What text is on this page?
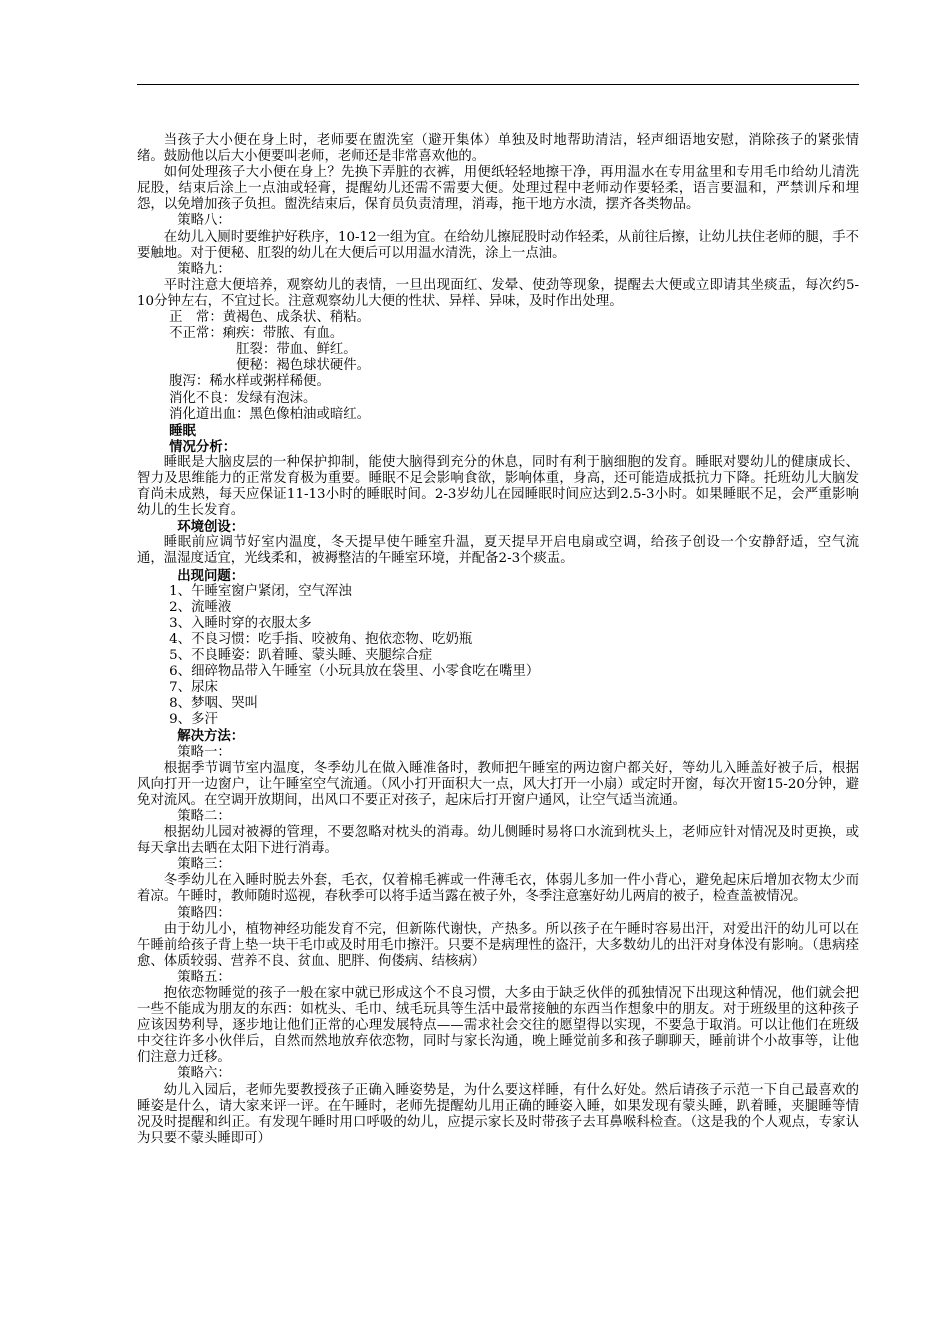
当孩子大小便在身上时，老师要在盥洗室（避开集体）单独及时地帮助清洁，轻声细语地安慰，消除孩子的紧张情绪。鼓励他以后大小便要叫老师，老师还是非常喜欢他的。

如何处理孩子大小便在身上？先换下弄脏的衣裤，用便纸轻轻地擦干净，再用温水在专用盆里和专用毛巾给幼儿清洗屁股，结束后涂上一点油或轻膏，提醒幼儿还需不需要大便。处理过程中老师动作要轻柔，语言要温和，严禁训斥和埋怨，以免增加孩子负担。盥洗结束后，保育员负责清理，消毒，拖干地方水渍，摆齐各类物品。

策略八：

在幼儿入厕时要维护好秩序，10-12一组为宜。在给幼儿擦屁股时动作轻柔，从前往后擦，让幼儿扶住老师的腿，手不要触地。对于便秘、肛裂的幼儿在大便后可以用温水清洗，涂上一点油。

策略九：

平时注意大便培养，观察幼儿的表情，一旦出现面红、发晕、使劲等现象，提醒去大便或立即请其坐痰盂，每次约5-10分钟左右，不宜过长。注意观察幼儿大便的性状、异样、异味，及时作出处理。

正　常：黄褐色、成条状、稍粘。

不正常：痢疾：带脓、有血。

肛裂：带血、鲜红。

便秘：褐色球状硬件。

腹泻：稀水样或粥样稀便。

消化不良：发绿有泡沫。

消化道出血：黑色像柏油或暗红。

睡眠

情况分析：

睡眠是大脑皮层的一种保护抑制，能使大脑得到充分的休息，同时有利于脑细胞的发育。睡眠对婴幼儿的健康成长、智力及思维能力的正常发育极为重要。睡眠不足会影响食欲，影响体重，身高，还可能造成抵抗力下降。托班幼儿大脑发育尚未成熟，每天应保证11-13小时的睡眠时间。2-3岁幼儿在园睡眠时间应达到2.5-3小时。如果睡眠不足，会严重影响幼儿的生长发育。

环境创设：

睡眠前应调节好室内温度，冬天提早使午睡室升温，夏天提早开启电扇或空调，给孩子创设一个安静舒适，空气流通，温湿度适宜，光线柔和，被褥整洁的午睡室环境，并配备2-3个痰盂。

出现问题：

1、午睡室窗户紧闭，空气浑浊

2、流唾液

3、入睡时穿的衣服太多

4、不良习惯：吃手指、咬被角、抱依恋物、吃奶瓶

5、不良睡姿：趴着睡、蒙头睡、夹腿综合症

6、细碎物品带入午睡室（小玩具放在袋里、小零食吃在嘴里）

7、尿床

8、梦咽、哭叫

9、多汗

解决方法：

策略一：

根据季节调节室内温度，冬季幼儿在做入睡准备时，教师把午睡室的两边窗户都关好，等幼儿入睡盖好被子后，根据风向打开一边窗户，让午睡室空气流通。（风小打开面积大一点，风大打开一小扇）或定时开窗，每次开窗15-20分钟，避免对流风。在空调开放期间，出风口不要正对孩子，起床后打开窗户通风，让空气适当流通。

策略二：

根据幼儿园对被褥的管理，不要忽略对枕头的消毒。幼儿侧睡时易将口水流到枕头上，老师应针对情况及时更换，或每天拿出去晒在太阳下进行消毒。

策略三：

冬季幼儿在入睡时脱去外套，毛衣，仅着棉毛裤或一件薄毛衣，体弱儿多加一件小背心，避免起床后增加衣物太少而着凉。午睡时，教师随时巡视，春秋季可以将手适当露在被子外，冬季注意塞好幼儿两肩的被子，检查盖被情况。

策略四：

由于幼儿小，植物神经功能发育不完，但新陈代谢快，产热多。所以孩子在午睡时容易出汗，对爱出汗的幼儿可以在午睡前给孩子背上垫一块干毛巾或及时用毛巾擦汗。只要不是病理性的盗汗，大多数幼儿的出汗对身体没有影响。（患病痊愈、体质较弱、营养不良、贫血、肥胖、佝偻病、结核病）

策略五：

抱依恋物睡觉的孩子一般在家中就已形成这个不良习惯，大多由于缺乏伙伴的孤独情况下出现这种情况，他们就会把一些不能成为朋友的东西：如枕头、毛巾、绒毛玩具等生活中最常接触的东西当作想象中的朋友。对于班级里的这种孩子应该因势利导，逐步地让他们正常的心理发展特点——需求社会交往的愿望得以实现，不要急于取消。可以让他们在班级中交往许多小伙伴后，自然而然地放弃依恋物，同时与家长沟通，晚上睡觉前多和孩子聊聊天，睡前讲个小故事等，让他们注意力迁移。

策略六：

幼儿入园后，老师先要教授孩子正确入睡姿势是，为什么要这样睡，有什么好处。然后请孩子示范一下自己最喜欢的睡姿是什么，请大家来评一评。在午睡时，老师先提醒幼儿用正确的睡姿入睡，如果发现有蒙头睡，趴着睡，夹腿睡等情况及时提醒和纠正。有发现午睡时用口呼吸的幼儿，应提示家长及时带孩子去耳鼻喉科检查。（这是我的个人观点，专家认为只要不蒙头睡即可）
